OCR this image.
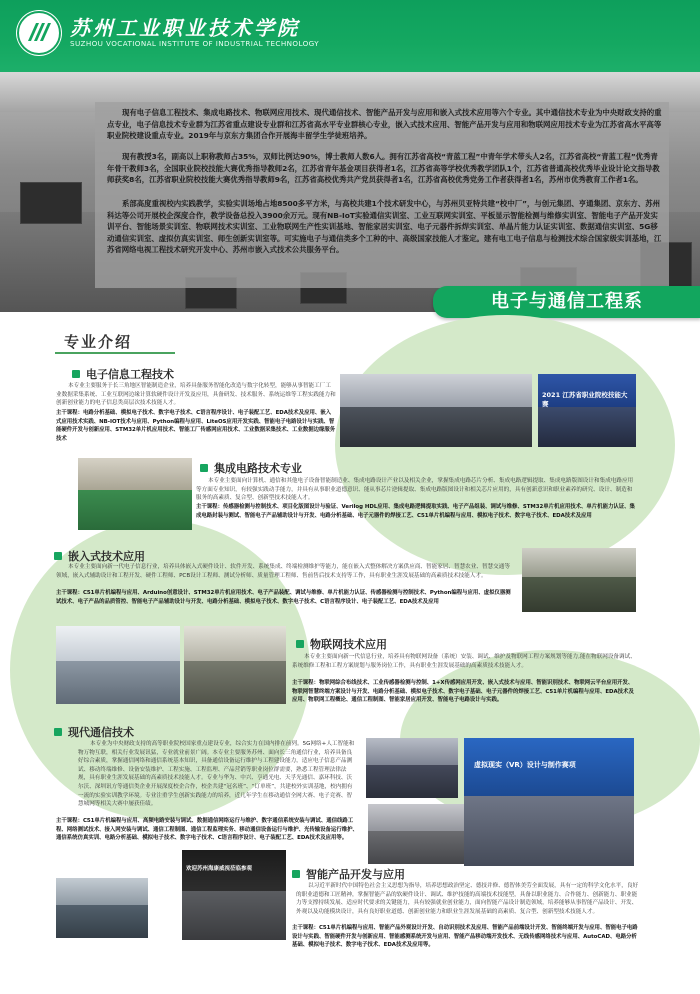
苏州工业职业技术学院
SUZHOU VOCATIONAL INSTITUTE OF INDUSTRIAL TECHNOLOGY

现有电子信息工程技术、集成电路技术、物联网应用技术、现代通信技术、智能产品开发与应用和嵌入式技术应用等六个专业。其中通信技术专业为中央财政支持的重点专业，电子信息技术专业群为江苏省重点建设专业群和江苏省高水平专业群核心专业，嵌入式技术应用、智能产品开发与应用和物联网应用技术专业为江苏省高水平高等职业院校建设重点专业。2019年与京东方集团合作开展海丰留学生学徒班培养。

现有教授3名，副高以上职称教师占35%，双师比例达90%，博士教师人数6人。拥有江苏省高校“青蓝工程”中青年学术带头人2名，江苏省高校“青蓝工程”优秀青年骨干教师3名，全国职业院校技能大赛优秀指导教师2名，江苏省青年基金项目获得者1名，江苏省高等学校优秀教学团队1个，江苏省普通高校优秀毕业设计论文指导教师获奖8名，江苏省职业院校技能大赛优秀指导教师9名，江苏省高校优秀共产党员获得者1名，江苏省高校优秀党务工作者获得者1名，苏州市优秀教育工作者1名。

系部高度重视校内实践教学，实验实训场地占地8500多平方米，与高校共建1个技术研发中心，与苏州贝亚特共建“校中厂”，与创元集团、亨通集团、京东方、苏州科达等公司开展校企深度合作，教学设备总投入3900余万元。现有NB-IoT实验通信实训室、工业互联网实训室、平板显示智能检测与维修实训室、智能电子产品开发实训平台、智能场景实训室、物联网技术实训室、工业物联网生产性实训基地、智能家居实训室、电子元器件拆焊实训室、单晶片能力认证实训室、数据通信实训室、5G移动通信实训室、虚拟仿真实训室、师生创新实训室等。可实施电子与通信类多个工种的中、高级国家技能人才鉴定。建有电工电子信息与检测技术综合国家级实训基地，江苏省网络电视工程技术研究开发中心、苏州市嵌入式技术公共服务平台。

电子与通信工程系
专业介绍
电子信息工程技术

本专业主要服务于长三角地区智能制造企业，培养具备服务智能化改造与数字化转型，能够从事智能工厂工业数据采集系统、工业互联网边缘计算软硬件设计开发及应用，具备研发、技术服务、系统运维等工程实践能力和创新创业能力的电子信息类高层次技术技能人才。

主干课程：电路分析基础、模拟电子技术、数字电子技术、C语言程序设计、电子装配工艺、EDA技术及应用、嵌入式应用技术实践、NB-IOT技术与应用、Python编程与应用、LiteOS应用开发实践、智能电子电路设计与实践、智能硬件开发与创新应用、STM32单片机应用技术、智能工厂传感网应用技术、工业数据采集技术、工业数据边缘服务技术

2021 江苏省职业院校技能大赛
集成电路技术专业

本专业主要面向计算机、通信和其他电子设备智能制造业、集成电路设计产业以及相关企业，掌握集成电路芯片分析、集成电路逻辑提取、集成电路版图设计和集成电路应用等方面专业知识，有较强实践动手能力，并具有从事职业道德意识、能从事芯片逆辑提取、集成电路版图设计和相关芯片应用的，具有创新意识和职业素养的研究、设计、制造和服务的高素质、复合型、创新型技术技能人才。

主干课程：传感器检测与控制技术、项目化版图设计与验证、Verilog HDL应用、集成电路逻辑提取实践、电子产品组装、调试与维修、STM32单片机应用技术、单片机能力认证、集成电路封装与测试、智能电子产品辅助设计与开发、电路分析基础、电子元器件的焊接工艺、C51单片机编程与应用、模拟电子技术、数字电子技术、EDA技术及应用

嵌入式技术应用

本专业主要面向新一代电子信息行业，培养具体嵌入式硬件设计、软件开发、系统集成、终端检测维护等能力，能在嵌入式整体解决方案供应商、智能家居、智慧农业、智慧交通等领域，嵌入式辅助设计和工程开发、硬件工程师、PCB设计工程师、测试分析师、质量管理工程师、售前售后技术支持等工作，具有职业生涯发展基础的高素质技术技能人才。

主干课程：C51单片机编程与应用、Arduino创意设计、STM32单片机应用技术、电子产品装配、调试与维修、单片机能力认证、传感器检测与控制技术、Python编程与应用、虚拟仪器测试技术、电子产品的品质管控、智能电子产品辅助设计与开发、电路分析基础、模拟电子技术、数字电子技术、C语言程序设计、电子装配工艺、EDA技术及应用

物联网技术应用

本专业主要面向新一代信息行业，培养具有物联网设备（系统）安装、调试、维护及物联网工程方案规划等能力,能在物联网设备调试、系统维修工程和工程方案规划与服务岗位工作，具有职业生涯发展基础的高素质技术技能人才。

主干课程：物联网综合布线技术、工业传感器检测与控制、1+X传感网应用开发、嵌入式技术与应用、智能识别技术、物联网云平台应用开发、物联网智慧终端方案设计与开发、电路分析基础、模拟电子技术、数字电子基础、电子元器件的焊接工艺、C51单片机编程与应用、EDA技术及应用、物联网工程概论、通信工程制图、智能家居应用开发、智能电子电路设计与实践。

现代通信技术

本专业为中央财政支持的高等职业院校国家重点建设专业，综合实力在国内排在前列。5G网络+人工智能和物万物互联，相关行业发展讯猛，专业就业前景广阔。本专业主要服务苏州、面向长三角通信行业，培养具备良好综合素质，掌握通信网络和通信系统基本知识，具备通信设备运行维护与工程建设能力，适应电子信息产品测试、移动终端维修、设备安装维护、工程实施、工程监理、产品营销等职业岗位群需要，熟悉工程管理法律法规，具有职业生涯发展基础的高素质技术技能人才。专业与华为、中兴、亨通光电、天孚光通信、嘉环科技、沃尔沃、深圳讯方等通信类企业开展深度校企合作，校企共建“冠名班”、“订单班”，共建校外实训基地，校内拥有一流的实验实训教学环境。专业注重学生创新实践能力的培养，近几年学生在移动通信全网大赛、电子竞赛、智慧城网等相关大赛中屡获佳绩。

主干课程：C51单片机编程与应用、高频电路安装与调试、数据通信网络运行与维护、数字通信系统安装与调试、通信线路工程、网络测试技术、接入网安装与调试、通信工程制图、通信工程监理实务、移动通信设备运行与维护、光传输设备运行维护、通信系统仿真实训、电路分析基础、模拟电子技术、数字电子技术、C语言程序设计、电子装配工艺、EDA技术及应用等。

虚拟现实（VR）设计与制作赛项
欢迎苏州海康威视莅临参观	智能产品开发与应用

以习近平新时代中国特色社会主义思想为指导，培养思想政治坚定、德技并修、德智体美劳全面发展，具有一定的科学文化水平，良好的职业道德和工匠精神，掌握智能产品的软硬件设计、调试、维护技能的高端技术技能型，具备以职业能力、合作能力、创新能力、职业能力等支撑持续发展、适应时代要求的关键能力，具有较强就业创业能力，面向智能产品设计制造领域，培养能够从事智能产品设计、开发、外观以及功能模块设计，具有良好职业道德、创新创业能力和职业生涯发展基础的高素质、复合型、创新型技术技能人才。

主干课程：C51单片机编程与应用、智能产品外观设计开发、自动识别技术及应用、智能产品前端设计开发、智能终端开发与应用、智能电子电路设计与实践、智能硬件开发与创新应用、智能感测系统开发与应用、智能产品移动端开发技术、无线传感网络技术与应用、AutoCAD、电路分析基础、模拟电子技术、数字电子技术、EDA技术及应用等。
